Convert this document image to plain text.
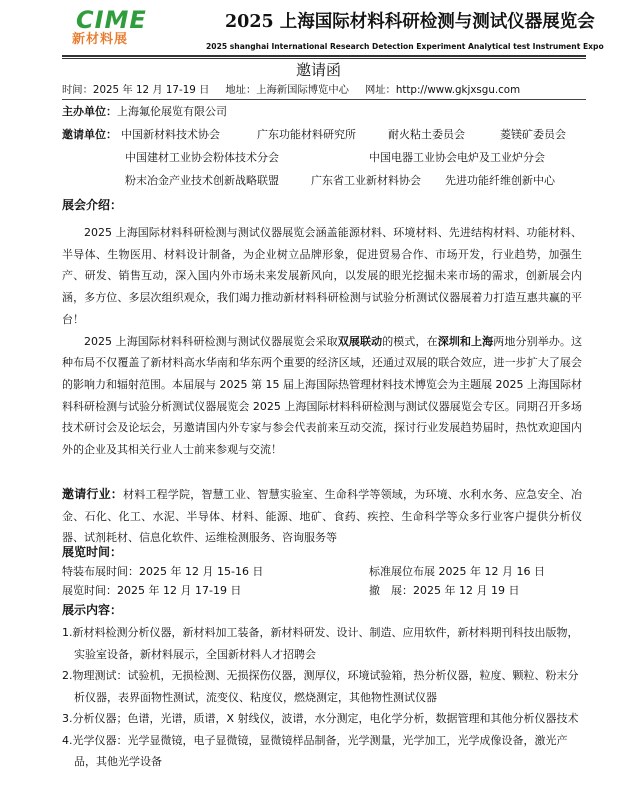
CIME
新材料展
2025 上海国际材料科研检测与测试仪器展览会
2025 shanghai International Research Detection Experiment Analytical test Instrument Expo
邀请函
时间：2025 年 12 月 17-19 日 地址：上海新国际博览中心 网址：http://www.gkjxsgu.com
主办单位：上海氟伦展览有限公司
邀请单位： 中国新材料技术协会	广东功能材料研究所	耐火粘土委员会	菱镁矿委员会
中国建材工业协会粉体技术分会	中国电器工业协会电炉及工业炉分会
粉末冶金产业技术创新战略联盟	广东省工业新材料协会 先进功能纤维创新中心
展会介绍：

2025 上海国际材料科研检测与测试仪器展览会涵盖能源材料、环境材料、先进结构材料、功能材料、半导体、生物医用、材料设计制备，为企业树立品牌形象，促进贸易合作、市场开发，行业趋势，加强生产、研发、销售互动，深入国内外市场未来发展新风向，以发展的眼光挖掘未来市场的需求，创新展会内涵，多方位、多层次组织观众，我们竭力推动新材料科研检测与试验分析测试仪器展着力打造互惠共赢的平台！

2025 上海国际材料科研检测与测试仪器展览会采取双展联动的模式，在深圳和上海两地分别举办。这种布局不仅覆盖了新材料高水华南和华东两个重要的经济区域，还通过双展的联合效应，进一步扩大了展会的影响力和辐射范围。本届展与 2025 第 15 届上海国际热管理材料技术博览会为主题展 2025 上海国际材料科研检测与试验分析测试仪器展览会 2025 上海国际材料科研检测与测试仪器展览会专区。同期召开多场技术研讨会及论坛会，另邀请国内外专家与参会代表前来互动交流，探讨行业发展趋势届时，热忱欢迎国内外的企业及其相关行业人士前来参观与交流！

邀请行业：材料工程学院，智慧工业、智慧实验室、生命科学等领域，为环境、水利水务、应急安全、冶金、石化、化工、水泥、半导体、材料、能源、地矿、食药、疾控、生命科学等众多行业客户提供分析仪器、试剂耗材、信息化软件、运维检测服务、咨询服务等

展览时间：
特装布展时间：2025 年 12 月 15-16 日	标准展位布展 2025 年 12 月 16 日
展览时间：2025 年 12 月 17-19 日	撤　展：2025 年 12 月 19 日
展示内容：

1.新材料检测分析仪器，新材料加工装备，新材料研发、设计、制造、应用软件，新材料期刊科技出版物，实验室设备，新材料展示，全国新材料人才招聘会

2.物理测试：试验机，无损检测、无损探伤仪器，测厚仪，环境试验箱，热分析仪器，粒度、颗粒、粉末分析仪器，表界面物性测试，流变仪、粘度仪，燃烧测定，其他物性测试仪器

3.分析仪器；色谱，光谱，质谱，X 射线仪，波谱，水分测定，电化学分析，数据管理和其他分析仪器技术

4.光学仪器：光学显微镜，电子显微镜，显微镜样品制备，光学测量，光学加工，光学成像设备，激光产品，其他光学设备
